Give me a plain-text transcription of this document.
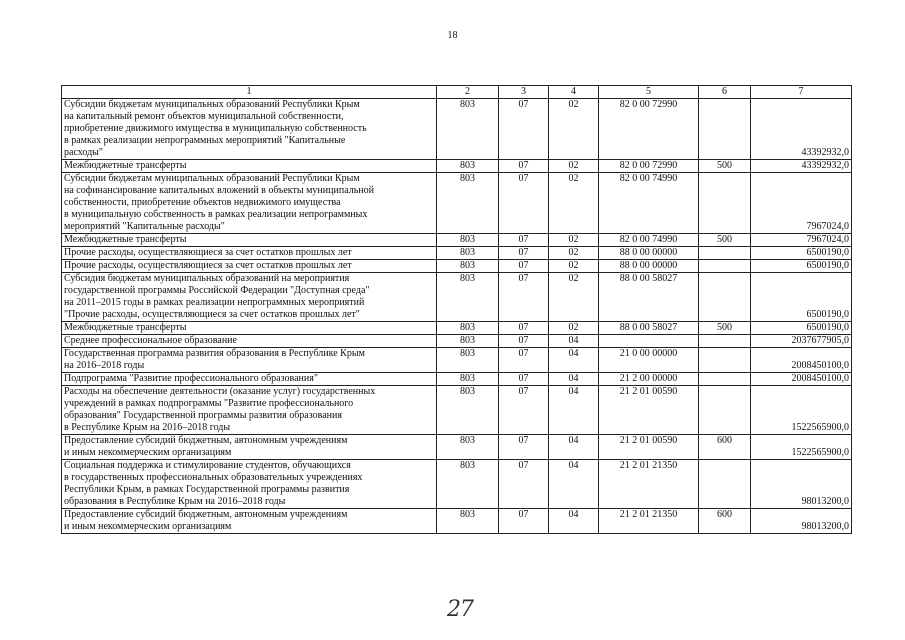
18
1	2	3	4	5	6	7

Субсидии бюджетам муниципальных образований Республики Крым
на капитальный ремонт объектов муниципальной собственности,
приобретение движимого имущества в муниципальную собственность
в рамках реализации непрограммных мероприятий "Капитальные
расходы"	803	07	02	82 0 00 72990		43392932,0

Межбюджетные трансферты	803	07	02	82 0 00 72990	500	43392932,0

Субсидии бюджетам муниципальных образований Республики Крым
на софинансирование капитальных вложений в объекты муниципальной
собственности, приобретение объектов недвижимого имущества
в муниципальную собственность в рамках реализации непрограммных
мероприятий "Капитальные расходы"	803	07	02	82 0 00 74990		7967024,0

Межбюджетные трансферты	803	07	02	82 0 00 74990	500	7967024,0

Прочие расходы, осуществляющиеся за счет остатков прошлых лет	803	07	02	88 0 00 00000		6500190,0

Прочие расходы, осуществляющиеся за счет остатков прошлых лет	803	07	02	88 0 00 00000		6500190,0

Субсидия бюджетам муниципальных образований на мероприятия
государственной программы Российской Федерации "Доступная среда"
на 2011–2015 годы в рамках реализации непрограммных мероприятий
"Прочие расходы, осуществляющиеся за счет остатков прошлых лет"	803	07	02	88 0 00 58027		6500190,0

Межбюджетные трансферты	803	07	02	88 0 00 58027	500	6500190,0

Среднее профессиональное образование	803	07	04			2037677905,0

Государственная программа развития образования в Республике Крым
на 2016–2018 годы	803	07	04	21 0 00 00000		2008450100,0

Подпрограмма "Развитие профессионального образования"	803	07	04	21 2 00 00000		2008450100,0

Расходы на обеспечение деятельности (оказание услуг) государственных
учреждений в рамках подпрограммы "Развитие профессионального
образования" Государственной программы развития образования
в Республике Крым на 2016–2018 годы	803	07	04	21 2 01 00590		1522565900,0

Предоставление субсидий бюджетным, автономным учреждениям
и иным некоммерческим организациям	803	07	04	21 2 01 00590	600	1522565900,0

Социальная поддержка и стимулирование студентов, обучающихся
в государственных профессиональных образовательных учреждениях
Республики Крым, в рамках Государственной программы развития
образования в Республике Крым на 2016–2018 годы	803	07	04	21 2 01 21350		98013200,0

Предоставление субсидий бюджетным, автономным учреждениям
и иным некоммерческим организациям	803	07	04	21 2 01 21350	600	98013200,0
27
